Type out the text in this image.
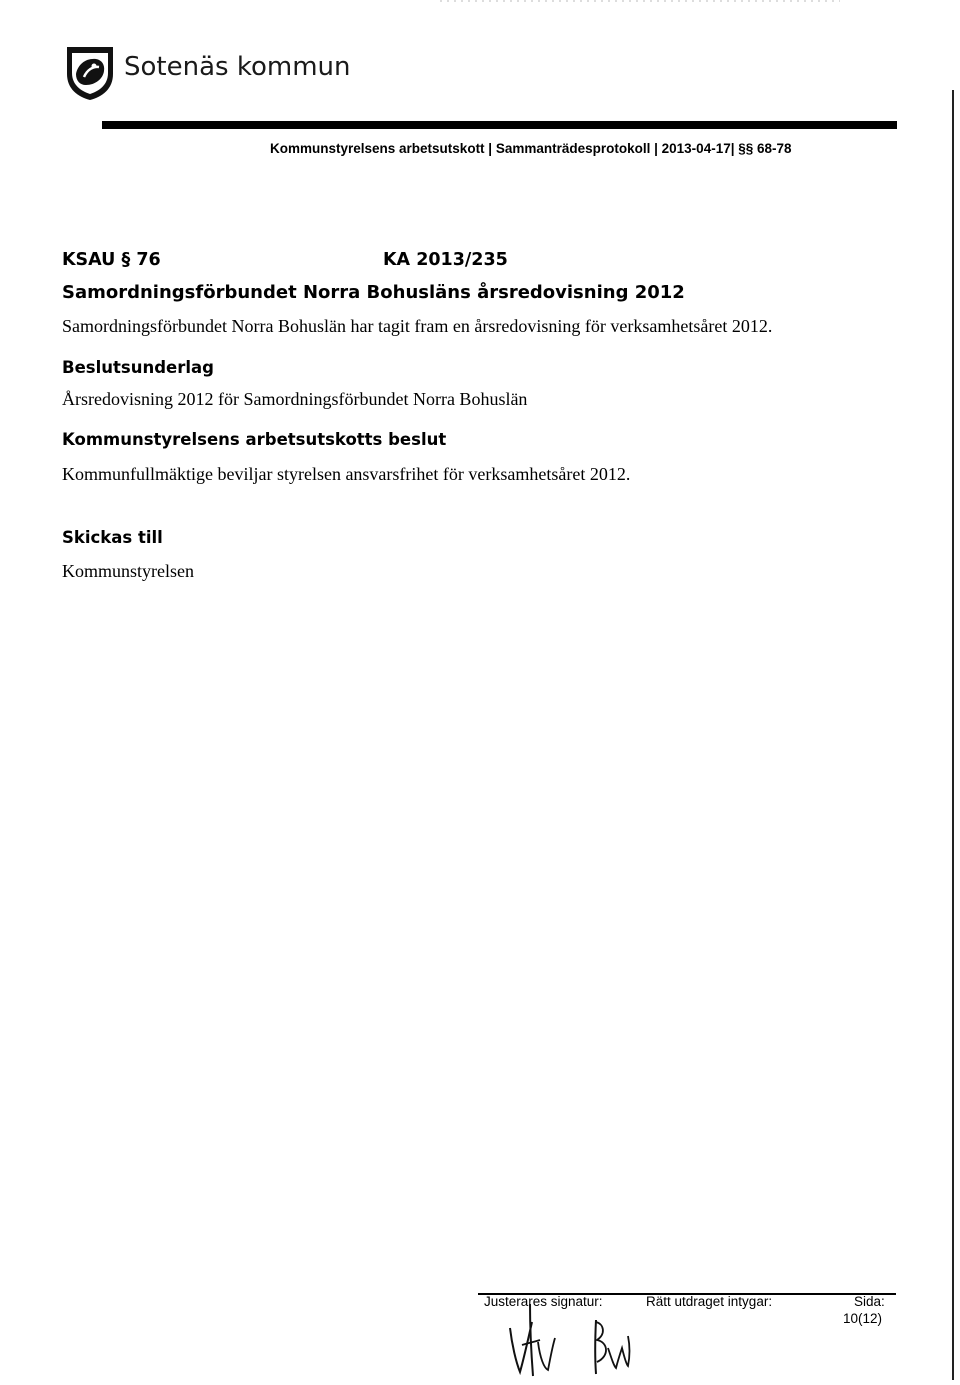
Sotenäs kommun
Kommunstyrelsens arbetsutskott | Sammanträdesprotokoll | 2013-04-17| §§ 68-78
KSAU § 76	KA 2013/235
Samordningsförbundet Norra Bohusläns årsredovisning 2012
Samordningsförbundet Norra Bohuslän har tagit fram en årsredovisning för verksamhetsåret 2012.
Beslutsunderlag
Årsredovisning 2012 för Samordningsförbundet Norra Bohuslän
Kommunstyrelsens arbetsutskotts beslut
Kommunfullmäktige beviljar styrelsen ansvarsfrihet för verksamhetsåret 2012.
Skickas till
Kommunstyrelsen
Justerares signatur:	Rätt utdraget intygar:	Sida:
10(12)
